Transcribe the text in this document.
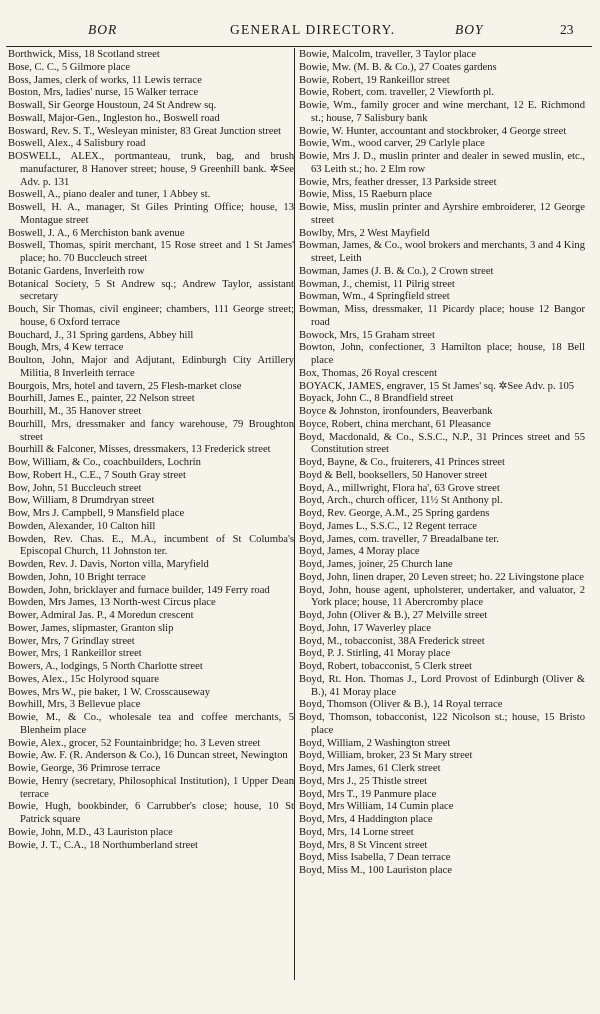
BOR	GENERAL DIRECTORY.	BOY	23
Borthwick, Miss, 18 Scotland street
Bose, C. C., 5 Gilmore place
Boss, James, clerk of works, 11 Lewis terrace
Boston, Mrs, ladies' nurse, 15 Walker terrace
Boswall, Sir George Houstoun, 24 St Andrew sq.
Boswall, Major-Gen., Ingleston ho., Boswell road
Bosward, Rev. S. T., Wesleyan minister, 83 Great Junction street
Boswell, Alex., 4 Salisbury road
BOSWELL, ALEX., portmanteau, trunk, bag, and brush manufacturer, 8 Hanover street; house, 9 Greenhill bank. ✲See Adv. p. 131
Boswell, A., piano dealer and tuner, 1 Abbey st.
Boswell, H. A., manager, St Giles Printing Office; house, 13 Montague street
Boswell, J. A., 6 Merchiston bank avenue
Boswell, Thomas, spirit merchant, 15 Rose street and 1 St James' place; ho. 70 Buccleuch street
Botanic Gardens, Inverleith row
Botanical Society, 5 St Andrew sq.; Andrew Taylor, assistant secretary
Bouch, Sir Thomas, civil engineer; chambers, 111 George street; house, 6 Oxford terrace
Bouchard, J., 31 Spring gardens, Abbey hill
Bough, Mrs, 4 Kew terrace
Boulton, John, Major and Adjutant, Edinburgh City Artillery Militia, 8 Inverleith terrace
Bourgois, Mrs, hotel and tavern, 25 Flesh-market close
Bourhill, James E., painter, 22 Nelson street
Bourhill, M., 35 Hanover street
Bourhill, Mrs, dressmaker and fancy warehouse, 79 Broughton street
Bourhill & Falconer, Misses, dressmakers, 13 Frederick street
Bow, William, & Co., coachbuilders, Lochrin
Bow, Robert H., C.E., 7 South Gray street
Bow, John, 51 Buccleuch street
Bow, William, 8 Drumdryan street
Bow, Mrs J. Campbell, 9 Mansfield place
Bowden, Alexander, 10 Calton hill
Bowden, Rev. Chas. E., M.A., incumbent of St Columba's Episcopal Church, 11 Johnston ter.
Bowden, Rev. J. Davis, Norton villa, Maryfield
Bowden, John, 10 Bright terrace
Bowden, John, bricklayer and furnace builder, 149 Ferry road
Bowden, Mrs James, 13 North-west Circus place
Bower, Admiral Jas. P., 4 Moredun crescent
Bower, James, slipmaster, Granton slip
Bower, Mrs, 7 Grindlay street
Bower, Mrs, 1 Rankeillor street
Bowers, A., lodgings, 5 North Charlotte street
Bowes, Alex., 15c Holyrood square
Bowes, Mrs W., pie baker, 1 W. Crosscauseway
Bowhill, Mrs, 3 Bellevue place
Bowie, M., & Co., wholesale tea and coffee merchants, 5 Blenheim place
Bowie, Alex., grocer, 52 Fountainbridge; ho. 3 Leven street
Bowie, Aw. F. (R. Anderson & Co.), 16 Duncan street, Newington
Bowie, George, 36 Primrose terrace
Bowie, Henry (secretary, Philosophical Institution), 1 Upper Dean terrace
Bowie, Hugh, bookbinder, 6 Carrubber's close; house, 10 St Patrick square
Bowie, John, M.D., 43 Lauriston place
Bowie, J. T., C.A., 18 Northumberland street
Bowie, Malcolm, traveller, 3 Taylor place
Bowie, Mw. (M. B. & Co.), 27 Coates gardens
Bowie, Robert, 19 Rankeillor street
Bowie, Robert, com. traveller, 2 Viewforth pl.
Bowie, Wm., family grocer and wine merchant, 12 E. Richmond st.; house, 7 Salisbury bank
Bowie, W. Hunter, accountant and stockbroker, 4 George street
Bowie, Wm., wood carver, 29 Carlyle place
Bowie, Mrs J. D., muslin printer and dealer in sewed muslin, etc., 63 Leith st.; ho. 2 Elm row
Bowie, Mrs, feather dresser, 13 Parkside street
Bowie, Miss, 15 Raeburn place
Bowie, Miss, muslin printer and Ayrshire embroiderer, 12 George street
Bowlby, Mrs, 2 West Mayfield
Bowman, James, & Co., wool brokers and merchants, 3 and 4 King street, Leith
Bowman, James (J. B. & Co.), 2 Crown street
Bowman, J., chemist, 11 Pilrig street
Bowman, Wm., 4 Springfield street
Bowman, Miss, dressmaker, 11 Picardy place; house 12 Bangor road
Bowock, Mrs, 15 Graham street
Bowton, John, confectioner, 3 Hamilton place; house, 18 Bell place
Box, Thomas, 26 Royal crescent
BOYACK, JAMES, engraver, 15 St James' sq. ✲See Adv. p. 105
Boyack, John C., 8 Brandfield street
Boyce & Johnston, ironfounders, Beaverbank
Boyce, Robert, china merchant, 61 Pleasance
Boyd, Macdonald, & Co., S.S.C., N.P., 31 Princes street and 55 Constitution street
Boyd, Bayne, & Co., fruiterers, 41 Princes street
Boyd & Bell, booksellers, 50 Hanover street
Boyd, A., millwright, Flora ha', 63 Grove street
Boyd, Arch., church officer, 11½ St Anthony pl.
Boyd, Rev. George, A.M., 25 Spring gardens
Boyd, James L., S.S.C., 12 Regent terrace
Boyd, James, com. traveller, 7 Breadalbane ter.
Boyd, James, 4 Moray place
Boyd, James, joiner, 25 Church lane
Boyd, John, linen draper, 20 Leven street; ho. 22 Livingstone place
Boyd, John, house agent, upholsterer, undertaker, and valuator, 2 York place; house, 11 Abercromby place
Boyd, John (Oliver & B.), 27 Melville street
Boyd, John, 17 Waverley place
Boyd, M., tobacconist, 38A Frederick street
Boyd, P. J. Stirling, 41 Moray place
Boyd, Robert, tobacconist, 5 Clerk street
Boyd, Rt. Hon. Thomas J., Lord Provost of Edinburgh (Oliver & B.), 41 Moray place
Boyd, Thomson (Oliver & B.), 14 Royal terrace
Boyd, Thomson, tobacconist, 122 Nicolson st.; house, 15 Bristo place
Boyd, William, 2 Washington street
Boyd, William, broker, 23 St Mary street
Boyd, Mrs James, 61 Clerk street
Boyd, Mrs J., 25 Thistle street
Boyd, Mrs T., 19 Panmure place
Boyd, Mrs William, 14 Cumin place
Boyd, Mrs, 4 Haddington place
Boyd, Mrs, 14 Lorne street
Boyd, Mrs, 8 St Vincent street
Boyd, Miss Isabella, 7 Dean terrace
Boyd, Miss M., 100 Lauriston place
